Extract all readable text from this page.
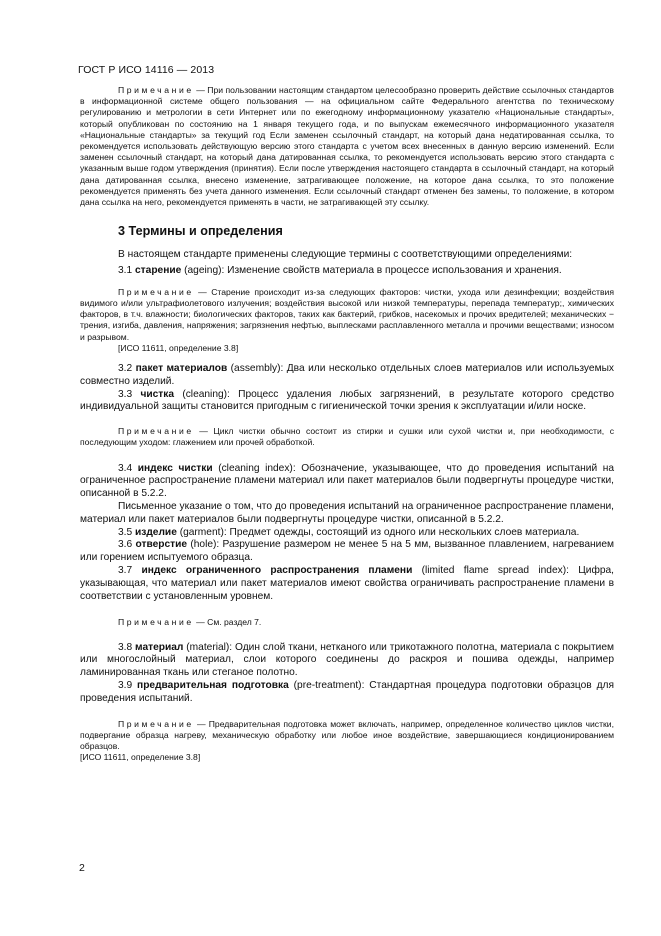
ГОСТ Р ИСО 14116 — 2013

Примечание — При пользовании настоящим стандартом целесообразно проверить действие ссылочных стандартов в информационной системе общего пользования — на официальном сайте Федерального агентства по техническому регулированию и метрологии в сети Интернет или по ежегодному информационному указателю «Национальные стандарты», который опубликован по состоянию на 1 января текущего года, и по выпускам ежемесячного информационного указателя «Национальные стандарты» за текущий год Если заменен ссылочный стандарт, на который дана недатированная ссылка, то рекомендуется использовать действующую версию этого стандарта с учетом всех внесенных в данную версию изменений. Если заменен ссылочный стандарт, на который дана датированная ссылка, то рекомендуется использовать версию этого стандарта с указанным выше годом утверждения (принятия). Если после утверждения настоящего стандарта в ссылочный стандарт, на который дана датированная ссылка, внесено изменение, затрагивающее положение, на которое дана ссылка, то это положение рекомендуется применять без учета данного изменения. Если ссылочный стандарт отменен без замены, то положение, в котором дана ссылка на него, рекомендуется применять в части, не затрагивающей эту ссылку.

3 Термины и определения

В настоящем стандарте применены следующие термины с соответствующими определениями:

3.1 старение (ageing): Изменение свойств материала в процессе использования и хранения.

Примечание — Старение происходит из-за следующих факторов: чистки, ухода или дезинфекции; воздействия видимого и/или ультрафиолетового излучения; воздействия высокой или низкой температуры, перепада температур;, химических факторов, в т.ч. влажности; биологических факторов, таких как бактерий, грибков, насекомых и прочих вредителей; механических − трения, изгиба, давления, напряжения; загрязнения нефтью, выплесками расплавленного металла и прочими веществами; износом и разрывом.

[ИСО 11611, определение 3.8]

3.2 пакет материалов (assembly): Два или несколько отдельных слоев материалов или используемых совместно изделий.

3.3 чистка (cleaning): Процесс удаления любых загрязнений, в результате которого средство индивидуальной защиты становится пригодным с гигиенической точки зрения к эксплуатации и/или носке.

Примечание — Цикл чистки обычно состоит из стирки и сушки или сухой чистки и, при необходимости, с последующим уходом: глажением или прочей обработкой.

3.4 индекс чистки (cleaning index): Обозначение, указывающее, что до проведения испытаний на ограниченное распространение пламени материал или пакет материалов были подвергнуты процедуре чистки, описанной в 5.2.2.

Письменное указание о том, что до проведения испытаний на ограниченное распространение пламени, материал или пакет материалов были подвергнуты процедуре чистки, описанной в 5.2.2.

3.5 изделие (garment): Предмет одежды, состоящий из одного или нескольких слоев материала.

3.6 отверстие (hole): Разрушение размером не менее 5 на 5 мм, вызванное плавлением, нагреванием или горением испытуемого образца.

3.7 индекс ограниченного распространения пламени (limited flame spread index): Цифра, указывающая, что материал или пакет материалов имеют свойства ограничивать распространение пламени в соответствии с установленным уровнем.

Примечание — См. раздел 7.

3.8 материал (material): Один слой ткани, нетканого или трикотажного полотна, материала с покрытием или многослойный материал, слои которого соединены до раскроя и пошива одежды, например ламинированная ткань или стеганое полотно.

3.9 предварительная подготовка (pre-treatment): Стандартная процедура подготовки образцов для проведения испытаний.

Примечание — Предварительная подготовка может включать, например, определенное количество циклов чистки, подвергание образца нагреву, механическую обработку или любое иное воздействие, завершающиеся кондиционированием образцов.

[ИСО 11611, определение 3.8]

2
